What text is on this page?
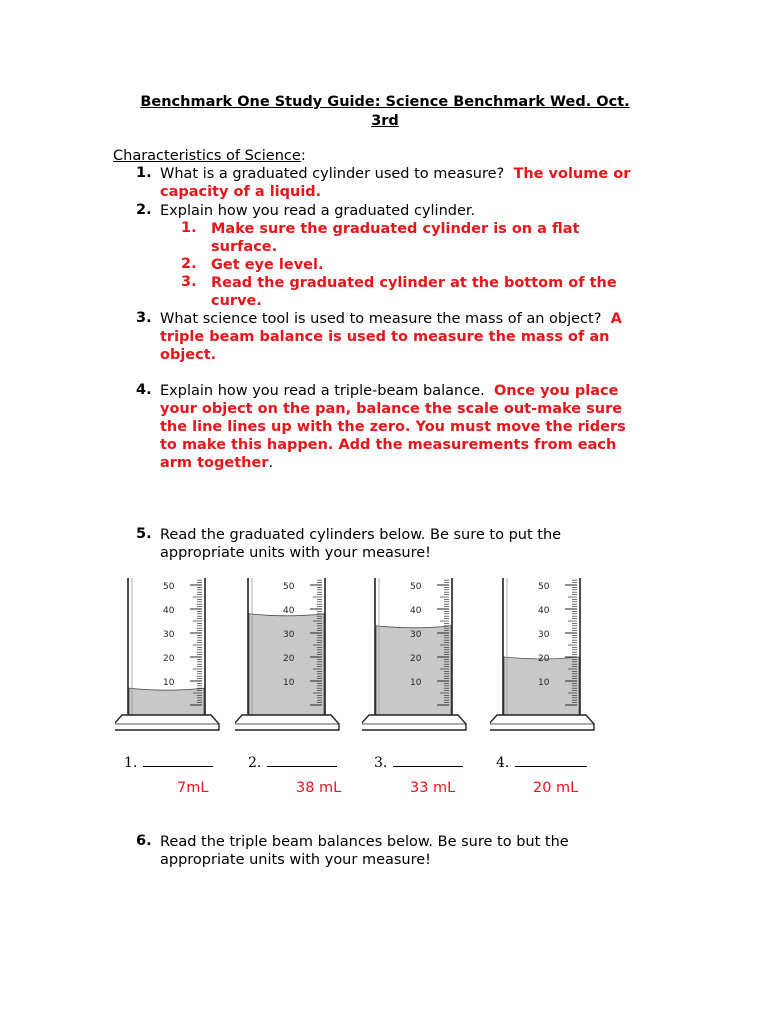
Benchmark One Study Guide: Science Benchmark Wed. Oct.
3rd
Characteristics of Science:
1. What is a graduated cylinder used to measure? The volume or
capacity of a liquid.
2. Explain how you read a graduated cylinder.
1. Make sure the graduated cylinder is on a flat
surface.
2. Get eye level.
3. Read the graduated cylinder at the bottom of the
curve.
3. What science tool is used to measure the mass of an object? A
triple beam balance is used to measure the mass of an
object.
4. Explain how you read a triple-beam balance. Once you place
your object on the pan, balance the scale out-make sure
the line lines up with the zero. You must move the riders
to make this happen. Add the measurements from each
arm together.
5. Read the graduated cylinders below. Be sure to put the
appropriate units with your measure!
50
40
30
20
10
50
40
30
20
10
50
40
30
20
10
50
40
30
20
10
1.	2.	3.	4.
7mL	38 mL	33 mL	20 mL
6. Read the triple beam balances below. Be sure to but the
appropriate units with your measure!
